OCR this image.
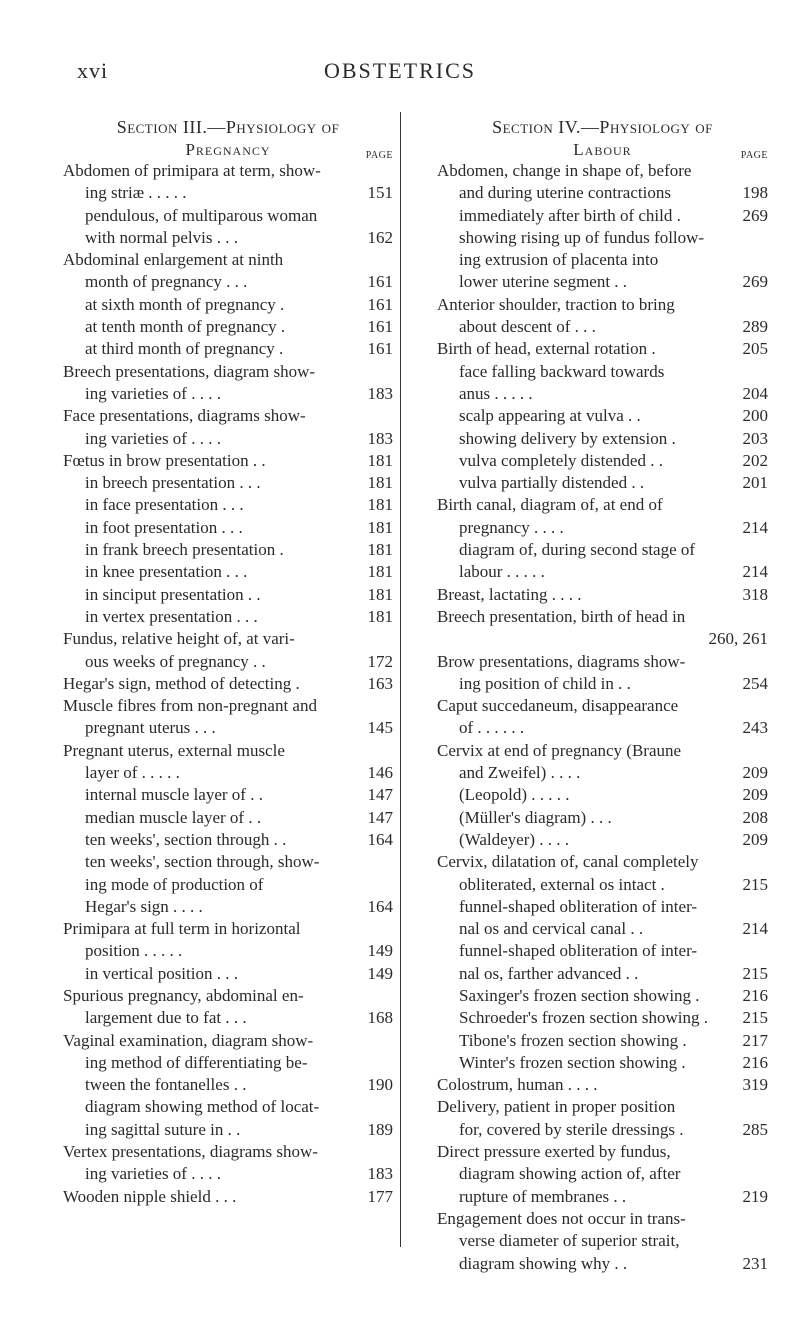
xvi	OBSTETRICS
Section III.—Physiology of
Pregnancy	PAGE
Abdomen of primipara at term, show-
ing striæ . . . . .	151
pendulous, of multiparous woman
with normal pelvis . . .	162
Abdominal enlargement at ninth
month of pregnancy . . .	161
at sixth month of pregnancy .	161
at tenth month of pregnancy .	161
at third month of pregnancy .	161
Breech presentations, diagram show-
ing varieties of . . . .	183
Face presentations, diagrams show-
ing varieties of . . . .	183
Fœtus in brow presentation . .	181
in breech presentation . . .	181
in face presentation . . .	181
in foot presentation . . .	181
in frank breech presentation .	181
in knee presentation . . .	181
in sinciput presentation . .	181
in vertex presentation . . .	181
Fundus, relative height of, at vari-
ous weeks of pregnancy . .	172
Hegar's sign, method of detecting .	163
Muscle fibres from non-pregnant and
pregnant uterus . . .	145
Pregnant uterus, external muscle
layer of . . . . .	146
internal muscle layer of . .	147
median muscle layer of . .	147
ten weeks', section through . .	164
ten weeks', section through, show-
ing mode of production of
Hegar's sign . . . .	164
Primipara at full term in horizontal
position . . . . .	149
in vertical position . . .	149
Spurious pregnancy, abdominal en-
largement due to fat . . .	168
Vaginal examination, diagram show-
ing method of differentiating be-
tween the fontanelles . .	190
diagram showing method of locat-
ing sagittal suture in . .	189
Vertex presentations, diagrams show-
ing varieties of . . . .	183
Wooden nipple shield . . .	177
Section IV.—Physiology of
Labour	PAGE
Abdomen, change in shape of, before
and during uterine contractions	198
immediately after birth of child .	269
showing rising up of fundus follow-
ing extrusion of placenta into
lower uterine segment . .	269
Anterior shoulder, traction to bring
about descent of . . .	289
Birth of head, external rotation .	205
face falling backward towards
anus . . . . .	204
scalp appearing at vulva . .	200
showing delivery by extension .	203
vulva completely distended . .	202
vulva partially distended . .	201
Birth canal, diagram of, at end of
pregnancy . . . .	214
diagram of, during second stage of
labour . . . . .	214
Breast, lactating . . . .	318
Breech presentation, birth of head in
260, 261
Brow presentations, diagrams show-
ing position of child in . .	254
Caput succedaneum, disappearance
of . . . . . .	243
Cervix at end of pregnancy (Braune
and Zweifel) . . . .	209
(Leopold) . . . . .	209
(Müller's diagram) . . .	208
(Waldeyer) . . . .	209
Cervix, dilatation of, canal completely
obliterated, external os intact .	215
funnel-shaped obliteration of inter-
nal os and cervical canal . .	214
funnel-shaped obliteration of inter-
nal os, farther advanced . .	215
Saxinger's frozen section showing .	216
Schroeder's frozen section showing . 215
Tibone's frozen section showing .	217
Winter's frozen section showing .	216
Colostrum, human . . . .	319
Delivery, patient in proper position
for, covered by sterile dressings .	285
Direct pressure exerted by fundus,
diagram showing action of, after
rupture of membranes . .	219
Engagement does not occur in trans-
verse diameter of superior strait,
diagram showing why . .	231
